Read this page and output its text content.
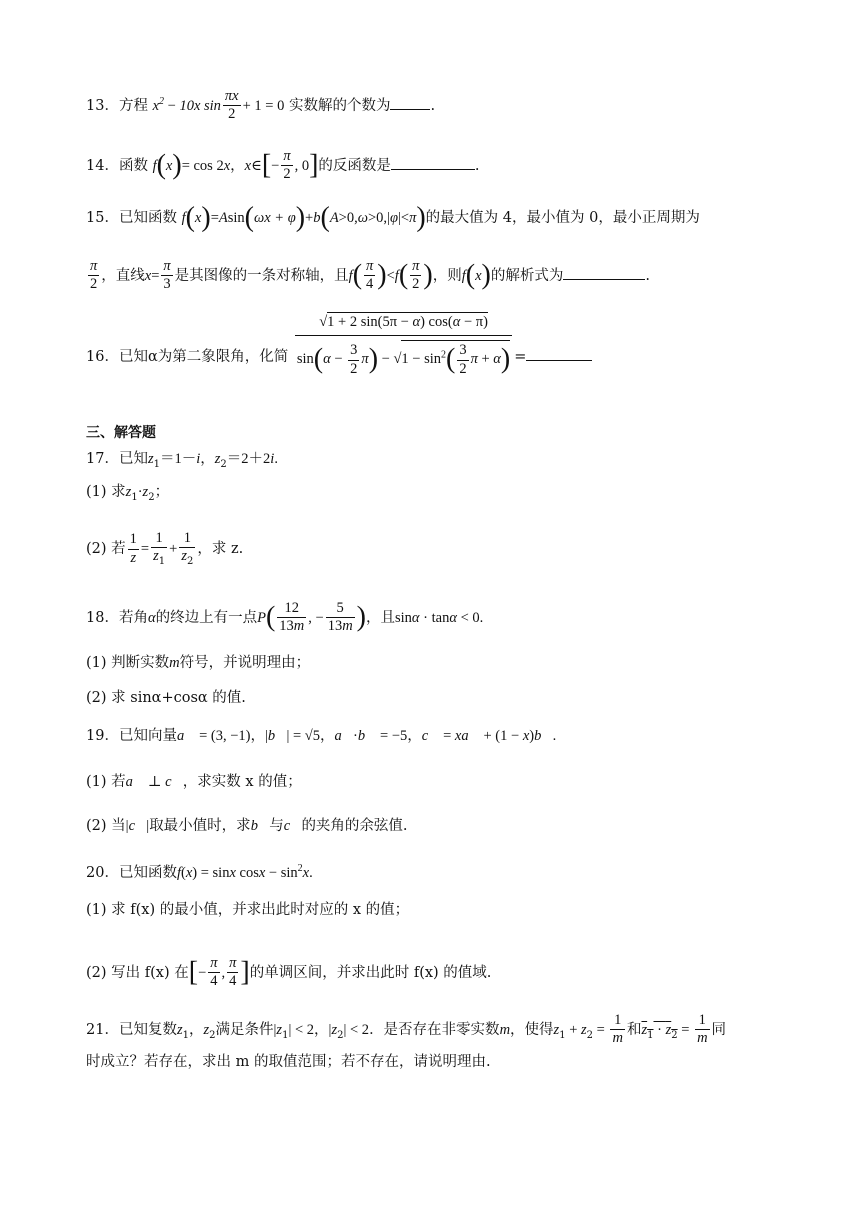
13．方程 $x^2 - 10x$ $\sin \frac{\pi x}{2} + 1 = 0$ 实数解的个数为	.
14．函数 f(x)= cos 2x，x∈[− $\frac{\pi}{2}$ , 0]的反函数是	.
15．已知函数 f(x)=Asin(ωx + φ)+b(A>0,ω>0,|φ|<π)的最大值为 4，最小值为 0，最小正周期为
$\frac{\pi}{2}$ ，直线$x= \frac{\pi}{3}$ 是其图像的一条对称轴，且$f( \frac{\pi}{4} )<f( \frac{\pi}{2}$ )，则f(x)的解析式为	.
16．已知α为第二象限角，化简 $\frac{√1 + 2 \sin(5\pi - \alpha) \cos(\alpha - \pi)}{\sin(\alpha - \frac{3}{2} \pi) - √1 - \sin^2( \frac{3}{2} \pi + \alpha)}$ =
三、解答题
17．已知$z_1=1-i$，$z_2=2+2i$.
(1) 求$z_1\cdot z_2$；
(2) 若 $\frac{1}{z} = \frac{1}{z_1} + \frac{1}{z_2}$ ，求 z.
18．若角α的终边上有一点$P( \frac{12}{13m}$ , − $\frac{5}{13m}$ )，且sinα · tanα < 0.
(1) 判断实数m符号，并说明理由；
(2) 求 sinα+cosα 的值.
19．已知向量a⃗ = (3, −1)，|b⃗| = √5，a⃗·b⃗ = −5，c⃗ = xa⃗ + (1 − x)b⃗.
(1) 若a⃗ ⊥ c⃗，求实数 x 的值；
(2) 当|c⃗|取最小值时，求b⃗与c⃗的夹角的余弦值.
20．已知函数f(x) = sinx $\cos x - \sin^2x$.
(1) 求 f(x) 的最小值，并求出此时对应的 x 的值；
(2) 写出 f(x) 在[− $\frac{\pi}{4}$ , $\frac{\pi}{4}$ ]的单调区间，并求出此时 f(x) 的值域.
21．已知复数$z_1$，$z_2$满足条件$|z_1| < 2$，$|z_2| < 2$．是否存在非零实数m，使得$z_1 + z_2 = \frac{1}{m}$ 和$z_1 \cdot z_2 = \frac{1}{m}$ 同
时成立？若存在，求出 m 的取值范围；若不存在，请说明理由.
